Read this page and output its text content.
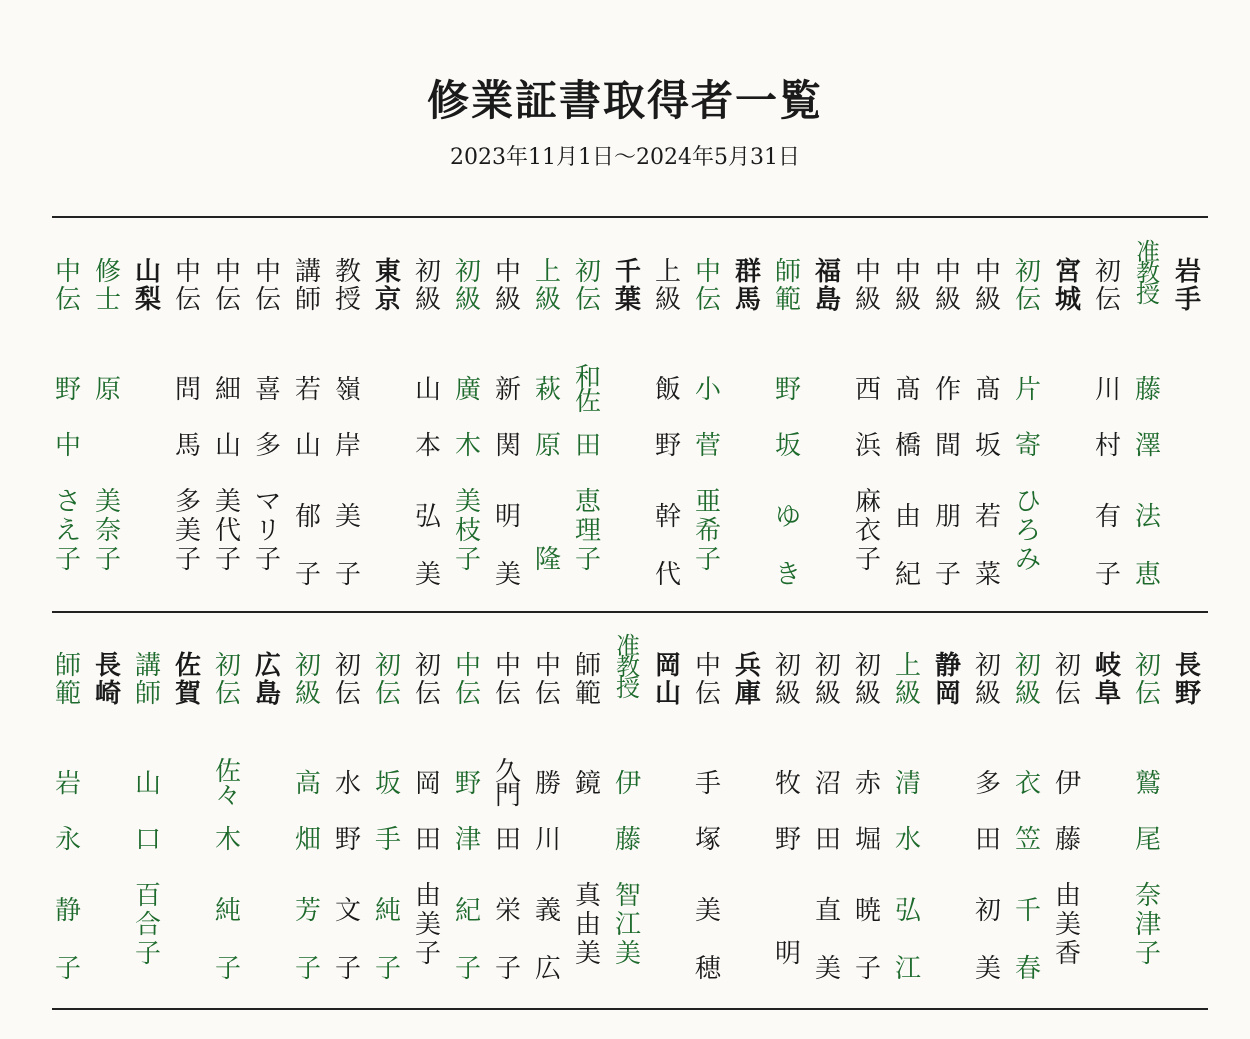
修業証書取得者一覧
2023年11月1日～2024年5月31日
岩
手
准
教
授
藤
澤
法
恵
初
伝
川
村
有
子
宮
城
初
伝
片
寄
ひ
ろ
み
中
級
髙
坂
若
菜
中
級
作
間
朋
子
中
級
髙
橋
由
紀
中
級
西
浜
麻
衣
子
福
島
師
範
野
坂
ゆ
き
群
馬
中
伝
小
菅
亜
希
子
上
級
飯
野
幹
代
千
葉
初
伝
和
佐
田
恵
理
子
上
級
萩
原
隆
中
級
新
関
明
美
初
級
廣
木
美
枝
子
初
級
山
本
弘
美
東
京
教
授
嶺
岸
美
子
講
師
若
山
郁
子
中
伝
喜
多
マ
リ
子
中
伝
細
山
美
代
子
中
伝
問
馬
多
美
子
山
梨
修
士
原
美
奈
子
中
伝
野
中
さ
え
子
長
野
初
伝
鷲
尾
奈
津
子
岐
阜
初
伝
伊
藤
由
美
香
初
級
衣
笠
千
春
初
級
多
田
初
美
静
岡
上
級
清
水
弘
江
初
級
赤
堀
暁
子
初
級
沼
田
直
美
初
級
牧
野
明
兵
庫
中
伝
手
塚
美
穂
岡
山
准
教
授
伊
藤
智
江
美
師
範
鏡
真
由
美
中
伝
勝
川
義
広
中
伝
久
門
田
栄
子
中
伝
野
津
紀
子
初
伝
岡
田
由
美
子
初
伝
坂
手
純
子
初
伝
水
野
文
子
初
級
高
畑
芳
子
広
島
初
伝
佐
々
木
純
子
佐
賀
講
師
山
口
百
合
子
長
崎
師
範
岩
永
静
子
